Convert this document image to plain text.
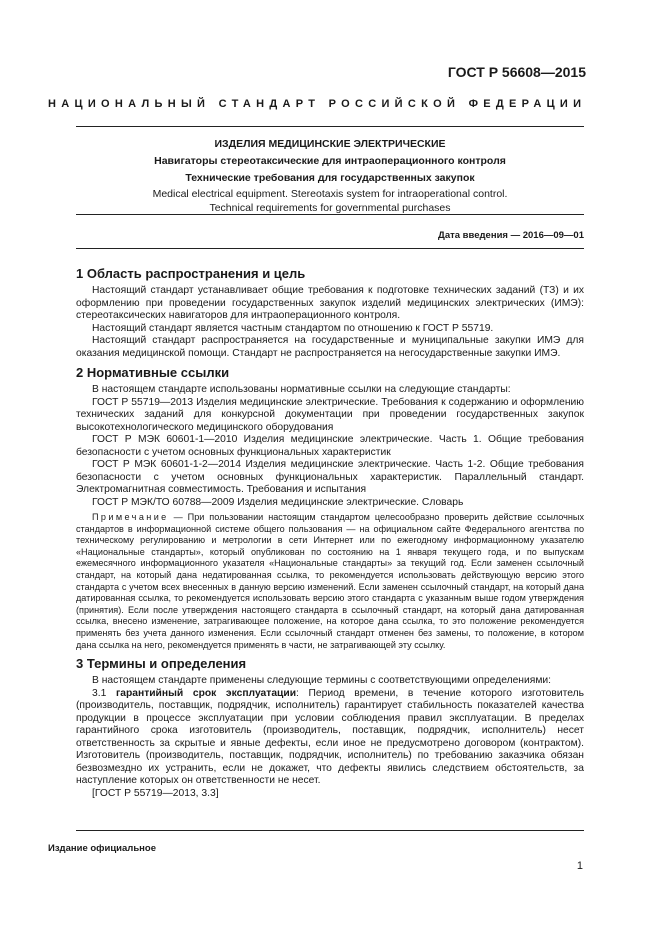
ГОСТ Р 56608—2015
НАЦИОНАЛЬНЫЙ СТАНДАРТ РОССИЙСКОЙ ФЕДЕРАЦИИ
ИЗДЕЛИЯ МЕДИЦИНСКИЕ ЭЛЕКТРИЧЕСКИЕ
Навигаторы стереотаксические для интраоперационного контроля
Технические требования для государственных закупок
Medical electrical equipment. Stereotaxis system for intraoperational control.
Technical requirements for governmental purchases
Дата введения — 2016—09—01
1 Область распространения и цель

Настоящий стандарт устанавливает общие требования к подготовке технических заданий (ТЗ) и их оформлению при проведении государственных закупок изделий медицинских электрических (ИМЭ): стереотаксических навигаторов для интраоперационного контроля.

Настоящий стандарт является частным стандартом по отношению к ГОСТ Р 55719.

Настоящий стандарт распространяется на государственные и муниципальные закупки ИМЭ для оказания медицинской помощи. Стандарт не распространяется на негосударственные закупки ИМЭ.

2 Нормативные ссылки

В настоящем стандарте использованы нормативные ссылки на следующие стандарты:

ГОСТ Р 55719—2013 Изделия медицинские электрические. Требования к содержанию и оформлению технических заданий для конкурсной документации при проведении государственных закупок высокотехнологического медицинского оборудования

ГОСТ Р МЭК 60601-1—2010 Изделия медицинские электрические. Часть 1. Общие требования безопасности с учетом основных функциональных характеристик

ГОСТ Р МЭК 60601-1-2—2014 Изделия медицинские электрические. Часть 1-2. Общие требования безопасности с учетом основных функциональных характеристик. Параллельный стандарт. Электромагнитная совместимость. Требования и испытания

ГОСТ Р МЭК/ТО 60788—2009 Изделия медицинские электрические. Словарь

Примечание — При пользовании настоящим стандартом целесообразно проверить действие ссылочных стандартов в информационной системе общего пользования — на официальном сайте Федерального агентства по техническому регулированию и метрологии в сети Интернет или по ежегодному информационному указателю «Национальные стандарты», который опубликован по состоянию на 1 января текущего года, и по выпускам ежемесячного информационного указателя «Национальные стандарты» за текущий год. Если заменен ссылочный стандарт, на который дана недатированная ссылка, то рекомендуется использовать действующую версию этого стандарта с учетом всех внесенных в данную версию изменений. Если заменен ссылочный стандарт, на который дана датированная ссылка, то рекомендуется использовать версию этого стандарта с указанным выше годом утверждения (принятия). Если после утверждения настоящего стандарта в ссылочный стандарт, на который дана датированная ссылка, внесено изменение, затрагивающее положение, на которое дана ссылка, то это положение рекомендуется применять без учета данного изменения. Если ссылочный стандарт отменен без замены, то положение, в котором дана ссылка на него, рекомендуется применять в части, не затрагивающей эту ссылку.

3 Термины и определения

В настоящем стандарте применены следующие термины с соответствующими определениями:

3.1 гарантийный срок эксплуатации: Период времени, в течение которого изготовитель (производитель, поставщик, подрядчик, исполнитель) гарантирует стабильность показателей качества продукции в процессе эксплуатации при условии соблюдения правил эксплуатации. В пределах гарантийного срока изготовитель (производитель, поставщик, подрядчик, исполнитель) несет ответственность за скрытые и явные дефекты, если иное не предусмотрено договором (контрактом). Изготовитель (производитель, поставщик, подрядчик, исполнитель) по требованию заказчика обязан безвозмездно их устранить, если не докажет, что дефекты явились следствием обстоятельств, за наступление которых он ответственности не несет.

[ГОСТ Р 55719—2013, 3.3]

Издание официальное
1
